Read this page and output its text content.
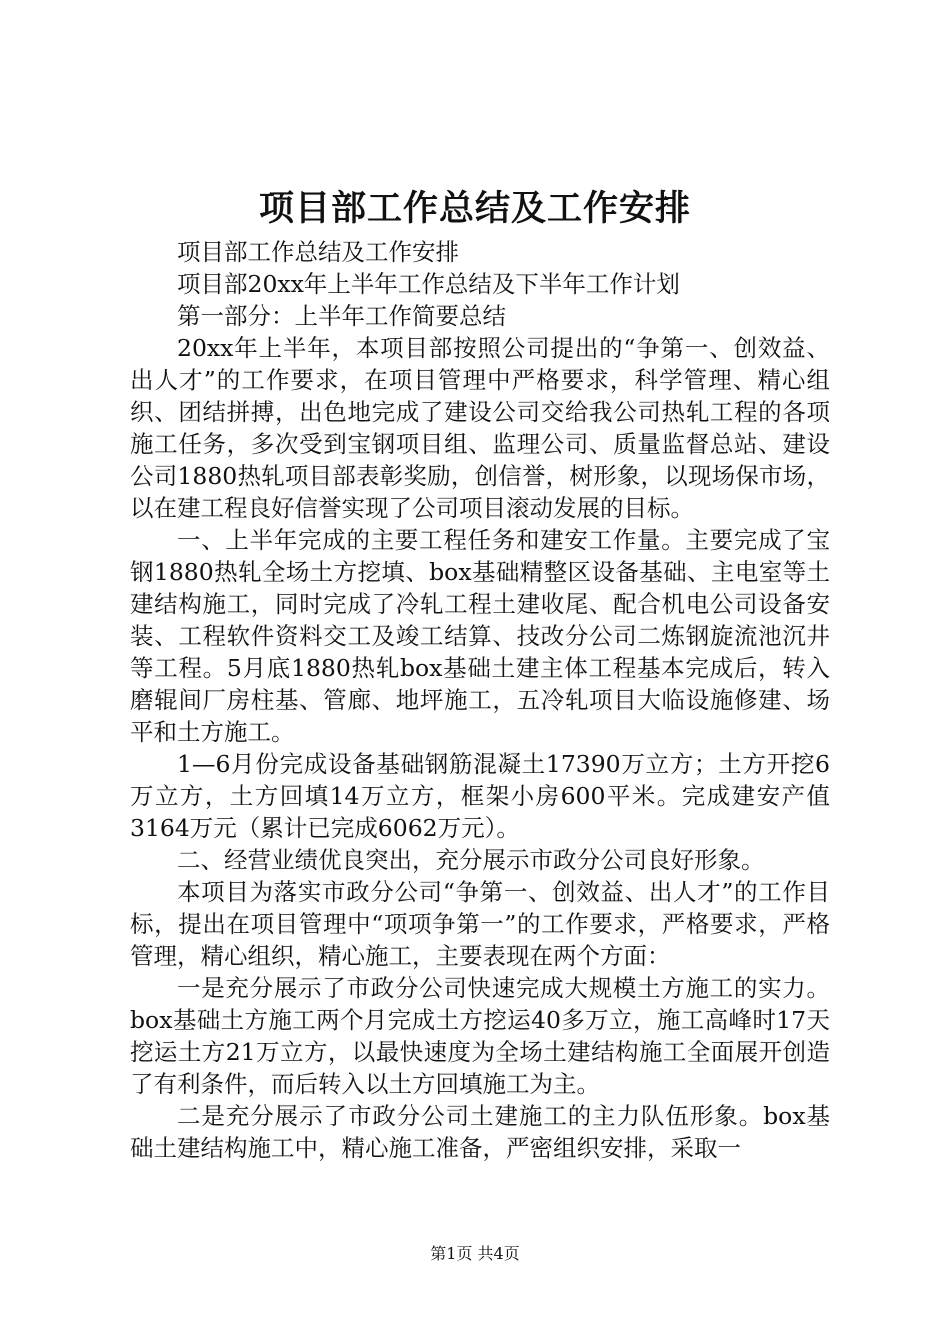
项目部工作总结及工作安排

项目部工作总结及工作安排

项目部20xx年上半年工作总结及下半年工作计划

第一部分：上半年工作简要总结

20xx年上半年，本项目部按照公司提出的“争第一、创效益、出人才”的工作要求，在项目管理中严格要求，科学管理、精心组织、团结拼搏，出色地完成了建设公司交给我公司热轧工程的各项施工任务，多次受到宝钢项目组、监理公司、质量监督总站、建设公司1880热轧项目部表彰奖励，创信誉，树形象，以现场保市场，以在建工程良好信誉实现了公司项目滚动发展的目标。

一、上半年完成的主要工程任务和建安工作量。主要完成了宝钢1880热轧全场土方挖填、box基础精整区设备基础、主电室等土建结构施工，同时完成了冷轧工程土建收尾、配合机电公司设备安装、工程软件资料交工及竣工结算、技改分公司二炼钢旋流池沉井等工程。5月底1880热轧box基础土建主体工程基本完成后，转入磨辊间厂房柱基、管廊、地坪施工，五冷轧项目大临设施修建、场平和土方施工。

1—6月份完成设备基础钢筋混凝土17390万立方；土方开挖6万立方，土方回填14万立方，框架小房600平米。完成建安产值3164万元（累计已完成6062万元）。

二、经营业绩优良突出，充分展示市政分公司良好形象。

本项目为落实市政分公司“争第一、创效益、出人才”的工作目标，提出在项目管理中“项项争第一”的工作要求，严格要求，严格管理，精心组织，精心施工，主要表现在两个方面：

一是充分展示了市政分公司快速完成大规模土方施工的实力。box基础土方施工两个月完成土方挖运40多万立，施工高峰时17天挖运土方21万立方，以最快速度为全场土建结构施工全面展开创造了有利条件，而后转入以土方回填施工为主。

二是充分展示了市政分公司土建施工的主力队伍形象。box基础土建结构施工中，精心施工准备，严密组织安排，采取一

第1页 共4页
